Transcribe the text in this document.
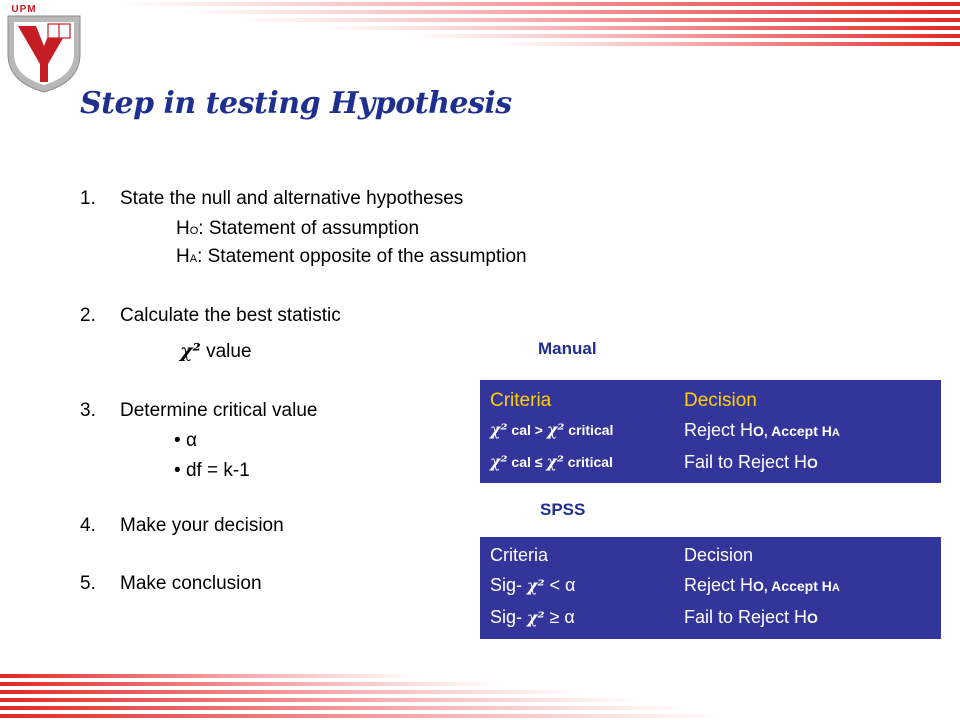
UPM
Step in testing Hypothesis
1. State the null and alternative hypotheses
HO: Statement of assumption
HA: Statement opposite of the assumption
2. Calculate the best statistic
χ² value
3. Determine critical value
• α
• df = k-1
4. Make your decision
5. Make conclusion
Manual
Criteria	Decision
χ² cal > χ² critical	Reject HO, Accept HA
χ² cal ≤ χ² critical	Fail to Reject HO
SPSS
Criteria	Decision
Sig- χ² < α	Reject HO, Accept HA
Sig- χ² ≥ α	Fail to Reject HO
